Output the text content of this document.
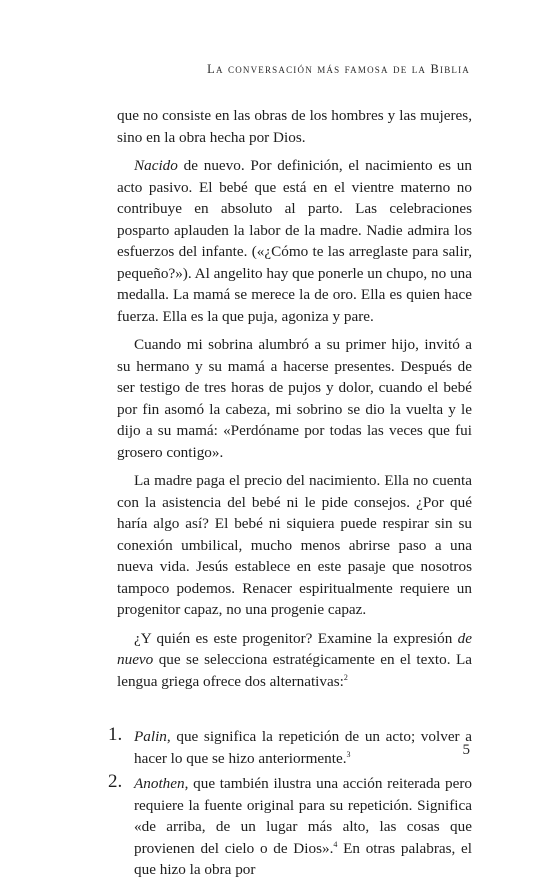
La conversación más famosa de la Biblia

que no consiste en las obras de los hombres y las mujeres, sino en la obra hecha por Dios.

Nacido de nuevo. Por definición, el nacimiento es un acto pasivo. El bebé que está en el vientre materno no contribuye en absoluto al parto. Las celebraciones posparto aplauden la labor de la madre. Nadie admira los esfuerzos del infante. («¿Cómo te las arreglaste para salir, pequeño?»). Al angelito hay que ponerle un chupo, no una medalla. La mamá se merece la de oro. Ella es quien hace fuerza. Ella es la que puja, agoniza y pare.

Cuando mi sobrina alumbró a su primer hijo, invitó a su hermano y su mamá a hacerse presentes. Después de ser testigo de tres horas de pujos y dolor, cuando el bebé por fin asomó la cabeza, mi sobrino se dio la vuelta y le dijo a su mamá: «Perdóname por todas las veces que fui grosero contigo».

La madre paga el precio del nacimiento. Ella no cuenta con la asistencia del bebé ni le pide consejos. ¿Por qué haría algo así? El bebé ni siquiera puede respirar sin su conexión umbilical, mucho menos abrirse paso a una nueva vida. Jesús establece en este pasaje que nosotros tampoco podemos. Renacer espiritualmente requiere un progenitor capaz, no una progenie capaz.

¿Y quién es este progenitor? Examine la expresión de nuevo que se selecciona estratégicamente en el texto. La lengua griega ofrece dos alternativas:$^2$

1. Palin, que significa la repetición de un acto; volver a hacer lo que se hizo anteriormente.$^3$
2. Anothen, que también ilustra una acción reiterada pero requiere la fuente original para su repetición. Significa «de arriba, de un lugar más alto, las cosas que provienen del cielo o de Dios».$^4$ En otras palabras, el que hizo la obra por
5
